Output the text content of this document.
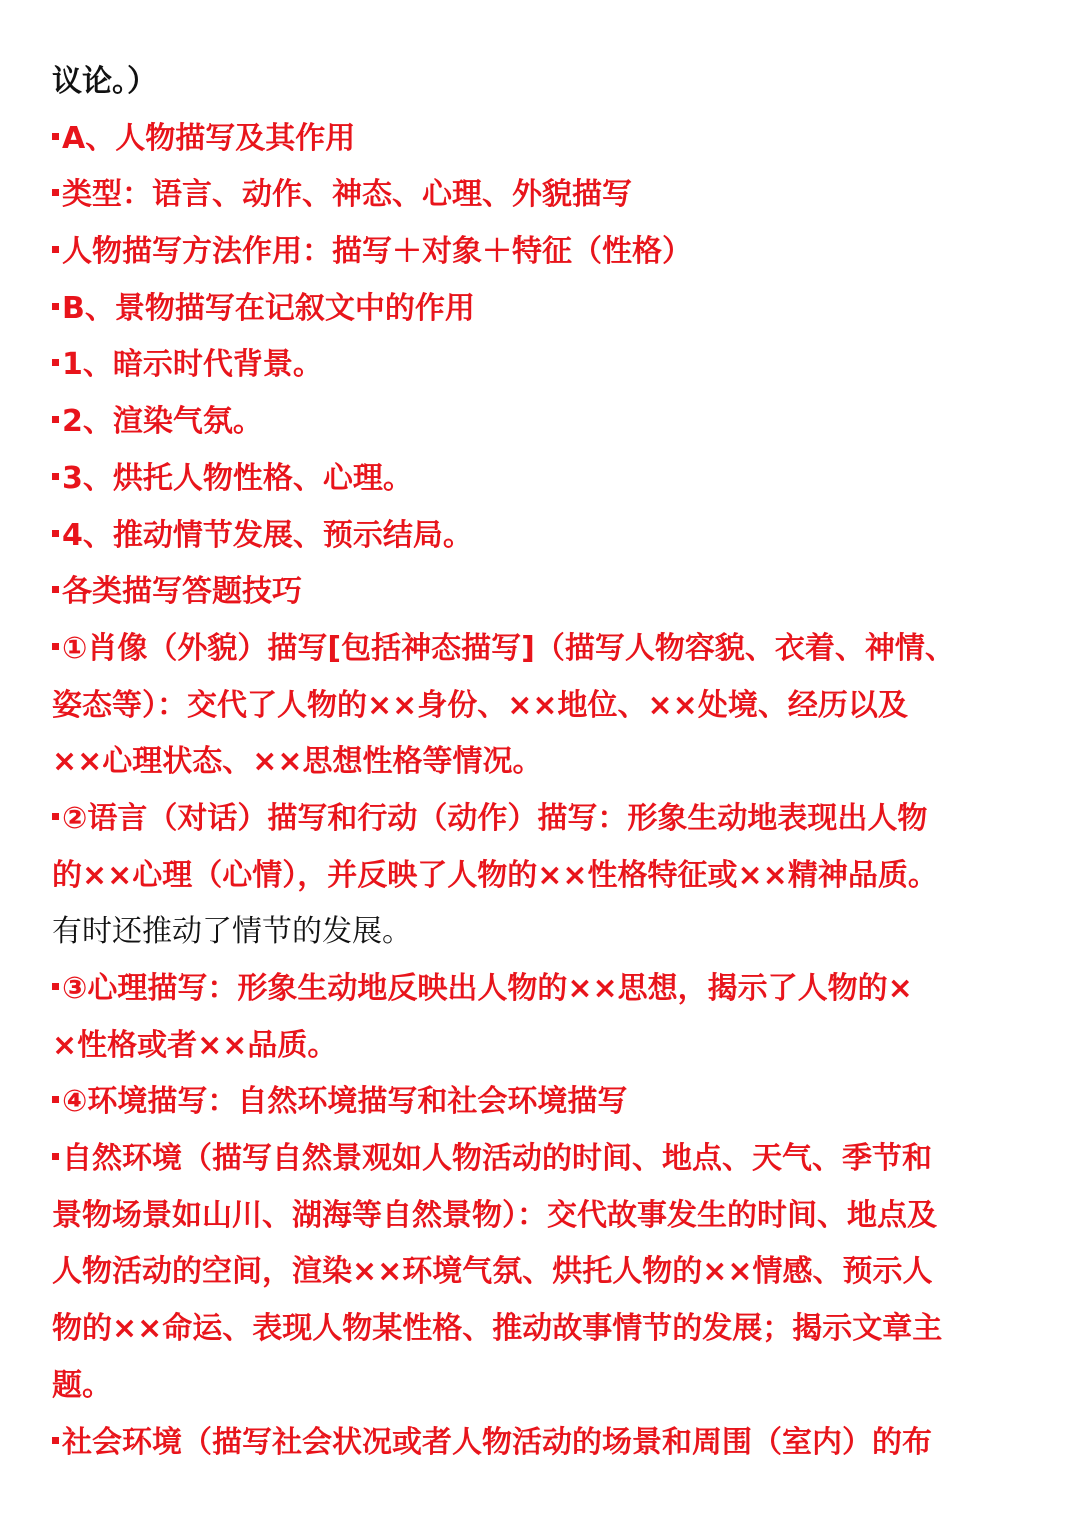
议论。）
A、人物描写及其作用
类型：语言、动作、神态、心理、外貌描写
人物描写方法作用：描写＋对象＋特征（性格）
B、景物描写在记叙文中的作用
1、暗示时代背景。
2、渲染气氛。
3、烘托人物性格、心理。
4、推动情节发展、预示结局。
各类描写答题技巧
①肖像（外貌）描写[包括神态描写]（描写人物容貌、衣着、神情、
姿态等）：交代了人物的××身份、××地位、××处境、经历以及
××心理状态、××思想性格等情况。
②语言（对话）描写和行动（动作）描写：形象生动地表现出人物
的××心理（心情），并反映了人物的××性格特征或××精神品质。
有时还推动了情节的发展。
③心理描写：形象生动地反映出人物的××思想，揭示了人物的×
×性格或者××品质。
④环境描写：自然环境描写和社会环境描写
自然环境（描写自然景观如人物活动的时间、地点、天气、季节和
景物场景如山川、湖海等自然景物）：交代故事发生的时间、地点及
人物活动的空间，渲染××环境气氛、烘托人物的××情感、预示人
物的××命运、表现人物某性格、推动故事情节的发展；揭示文章主
题。
社会环境（描写社会状况或者人物活动的场景和周围（室内）的布
